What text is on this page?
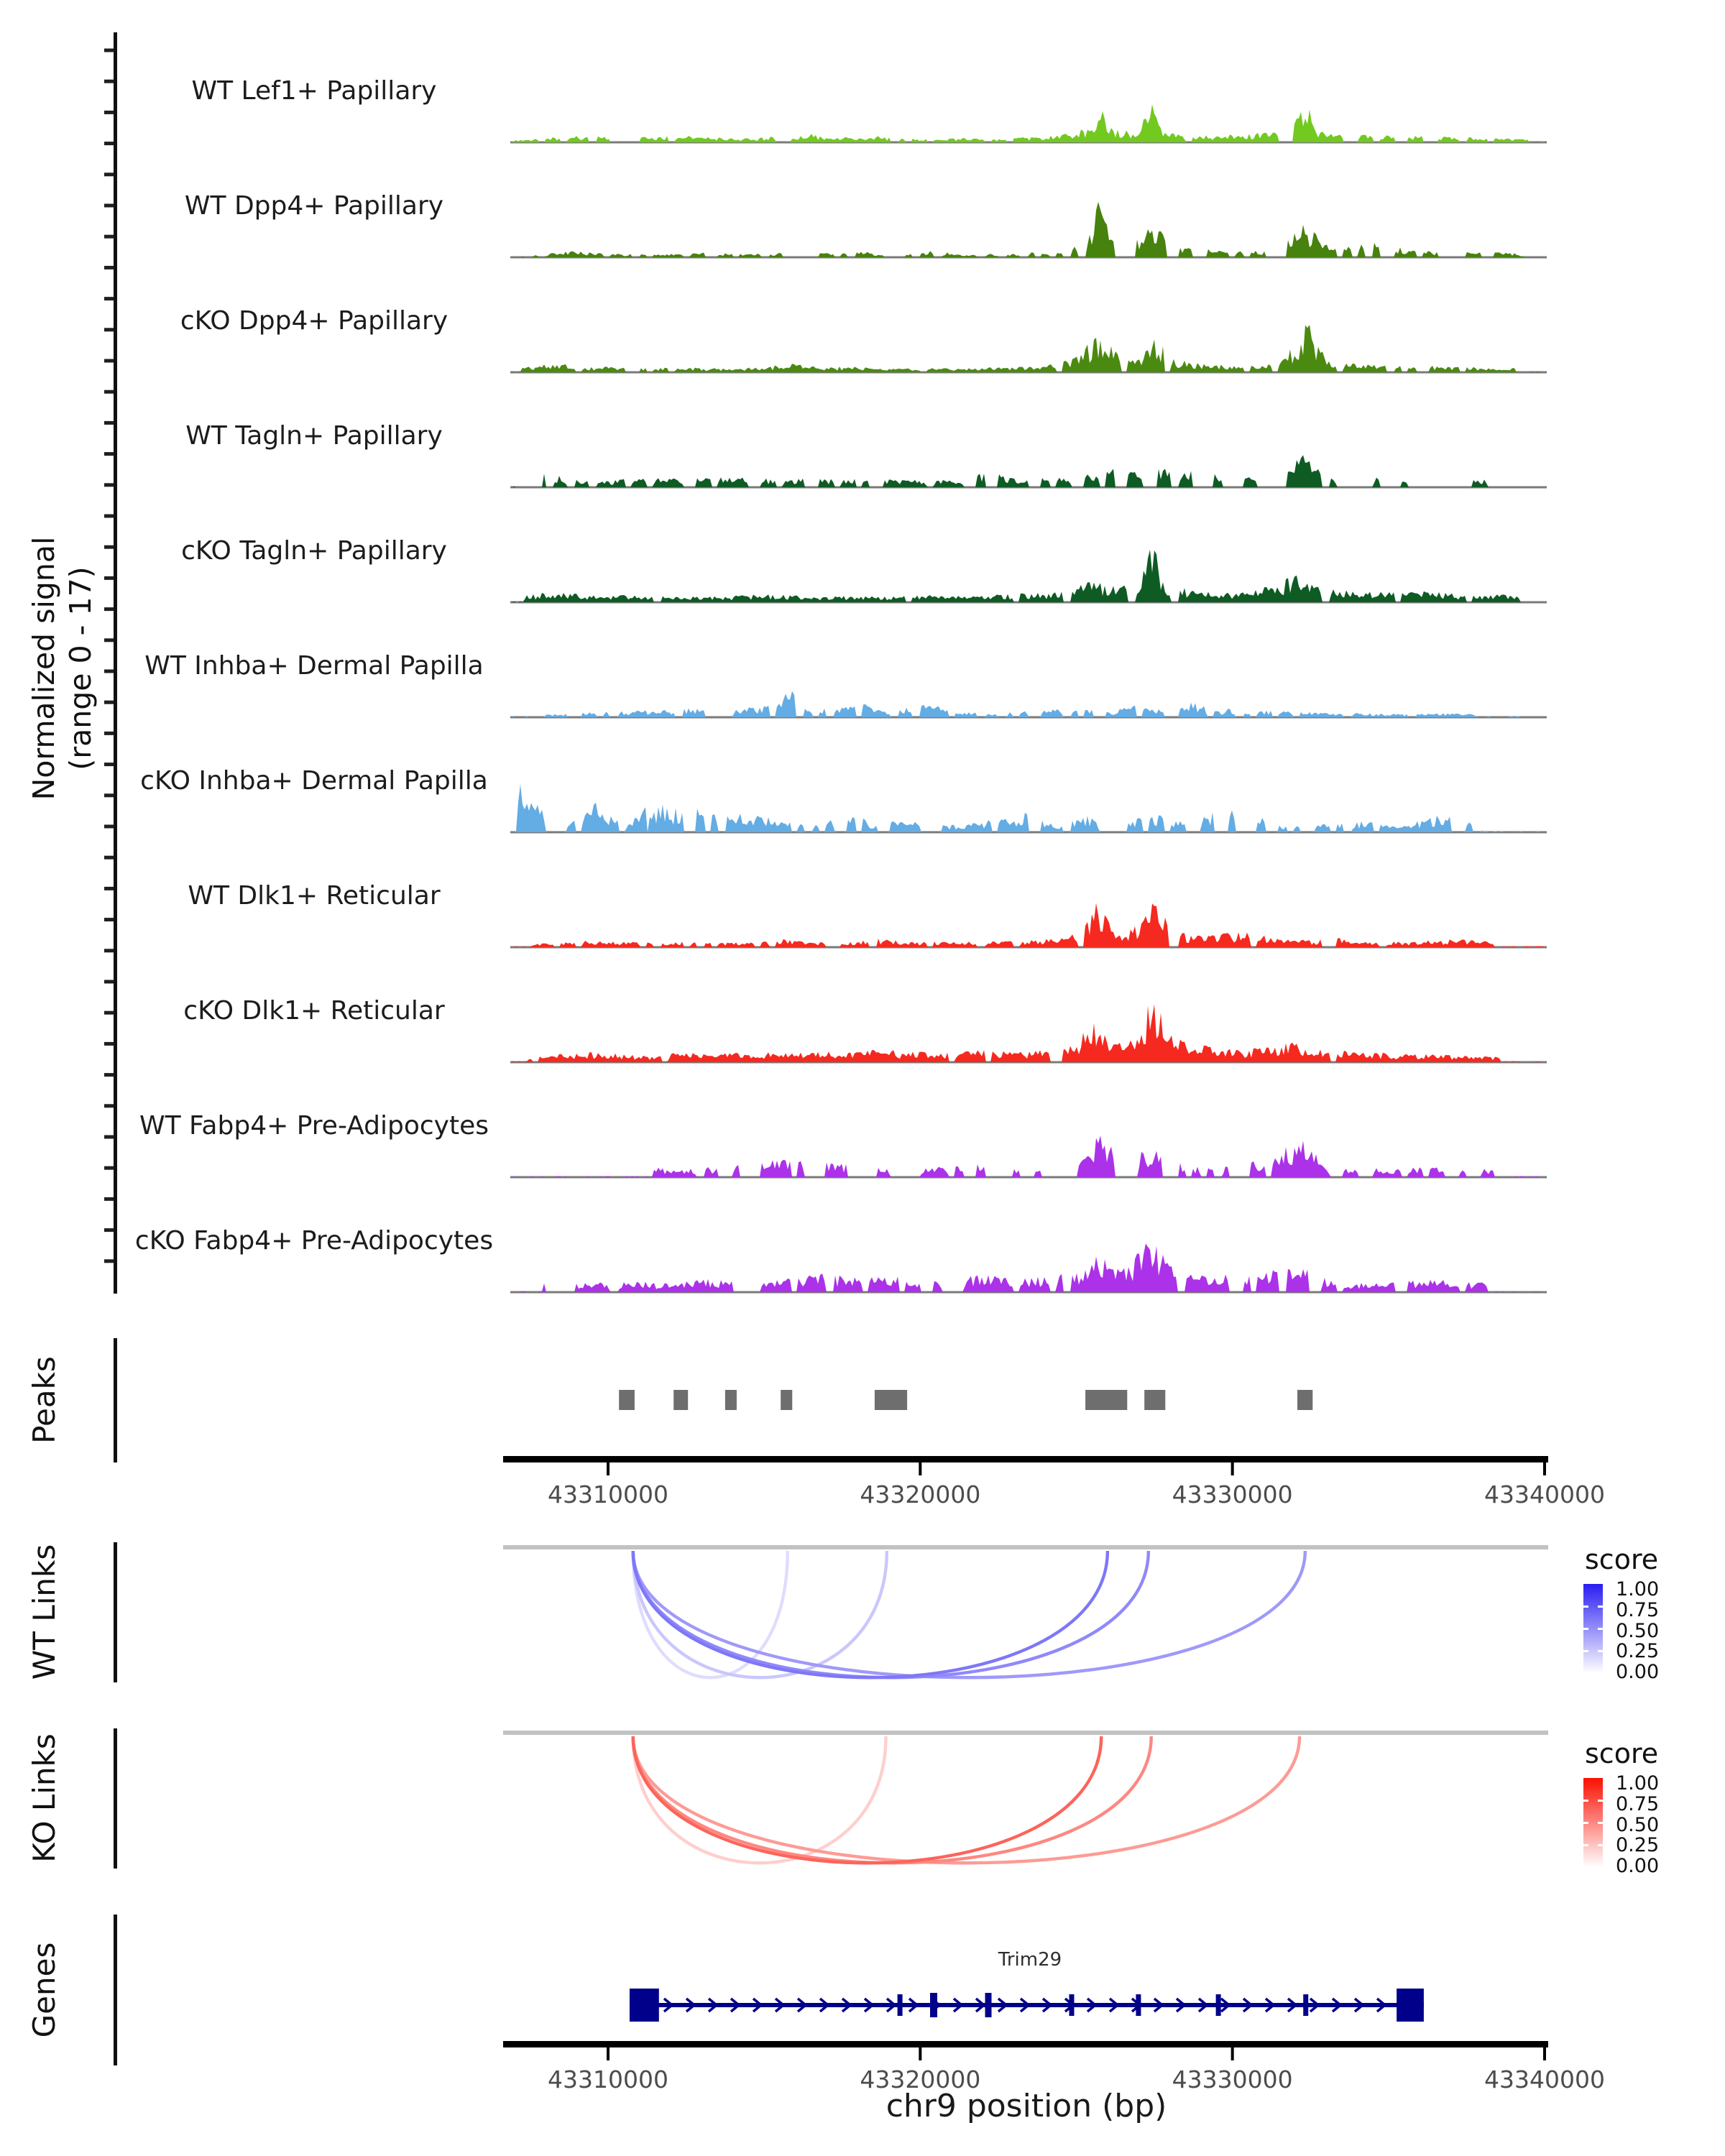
Normalized signal (range 0 - 17)
Peaks
WT Links
KO Links
Genes	Trim29
chr9 position (bp)
score
score
WT Lef1+ Papillary
WT Dpp4+ Papillary
cKO Dpp4+ Papillary
WT Tagln+ Papillary
cKO Tagln+ Papillary
WT Inhba+ Dermal Papilla
cKO Inhba+ Dermal Papilla
WT Dlk1+ Reticular
cKO Dlk1+ Reticular
WT Fabp4+ Pre-Adipocytes
cKO Fabp4+ Pre-Adipocytes
43310000	43320000	43330000	43340000
43310000	43320000	43330000	43340000
1.00
0.75
0.50
0.25
0.00
1.00
0.75
0.50
0.25
0.00
